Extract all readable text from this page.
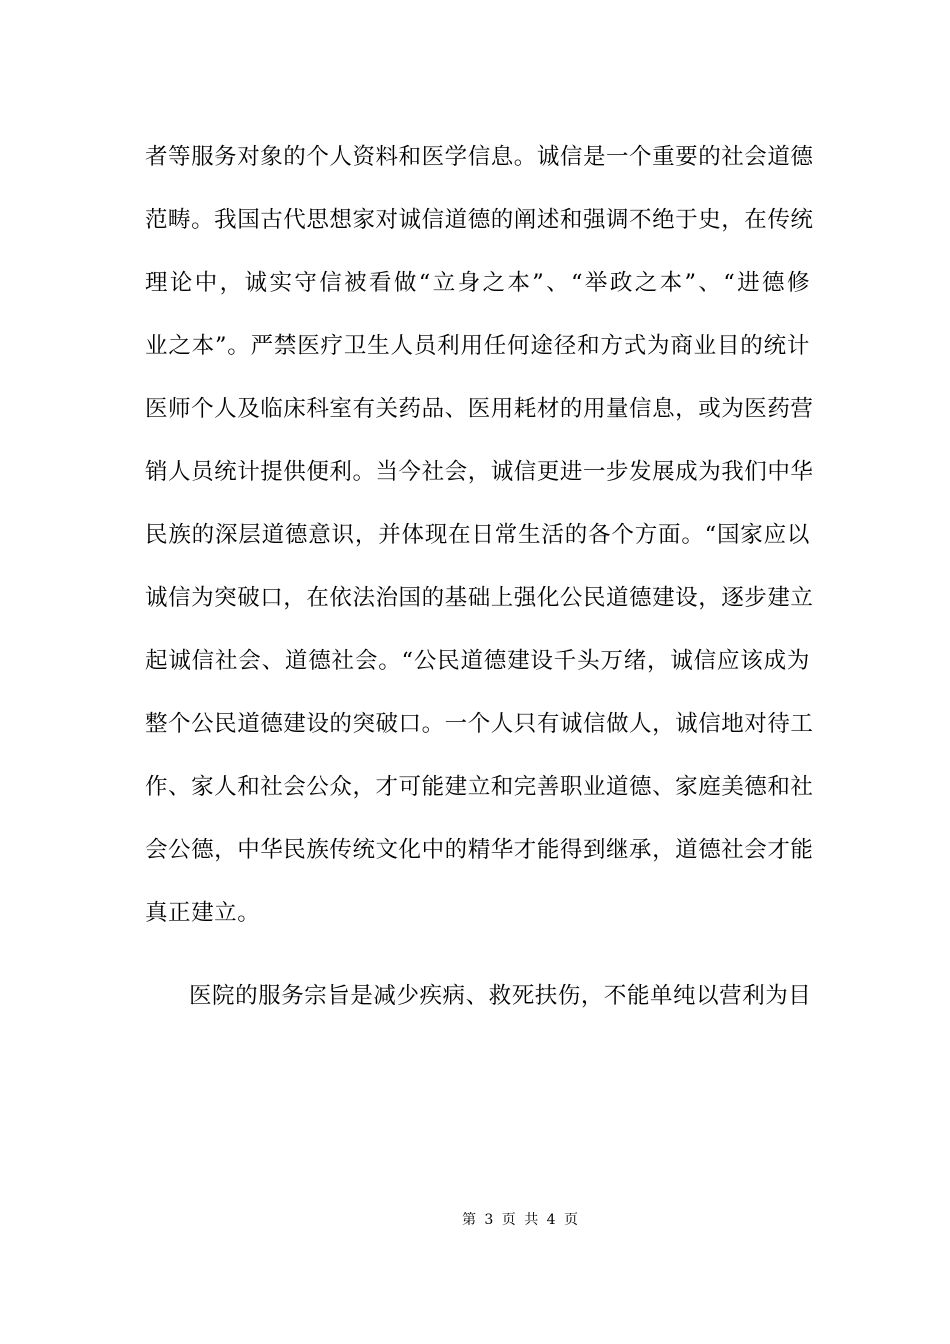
者等服务对象的个人资料和医学信息。诚信是一个重要的社会道德
范畴。我国古代思想家对诚信道德的阐述和强调不绝于史，在传统
理论中，诚实守信被看做“立身之本”、“举政之本”、“进德修
业之本”。严禁医疗卫生人员利用任何途径和方式为商业目的统计
医师个人及临床科室有关药品、医用耗材的用量信息，或为医药营
销人员统计提供便利。当今社会，诚信更进一步发展成为我们中华
民族的深层道德意识，并体现在日常生活的各个方面。“国家应以
诚信为突破口，在依法治国的基础上强化公民道德建设，逐步建立
起诚信社会、道德社会。“公民道德建设千头万绪，诚信应该成为
整个公民道德建设的突破口。一个人只有诚信做人，诚信地对待工
作、家人和社会公众，才可能建立和完善职业道德、家庭美德和社
会公德，中华民族传统文化中的精华才能得到继承，道德社会才能
真正建立。
医院的服务宗旨是减少疾病、救死扶伤，不能单纯以营利为目
第 3 页 共 4 页
